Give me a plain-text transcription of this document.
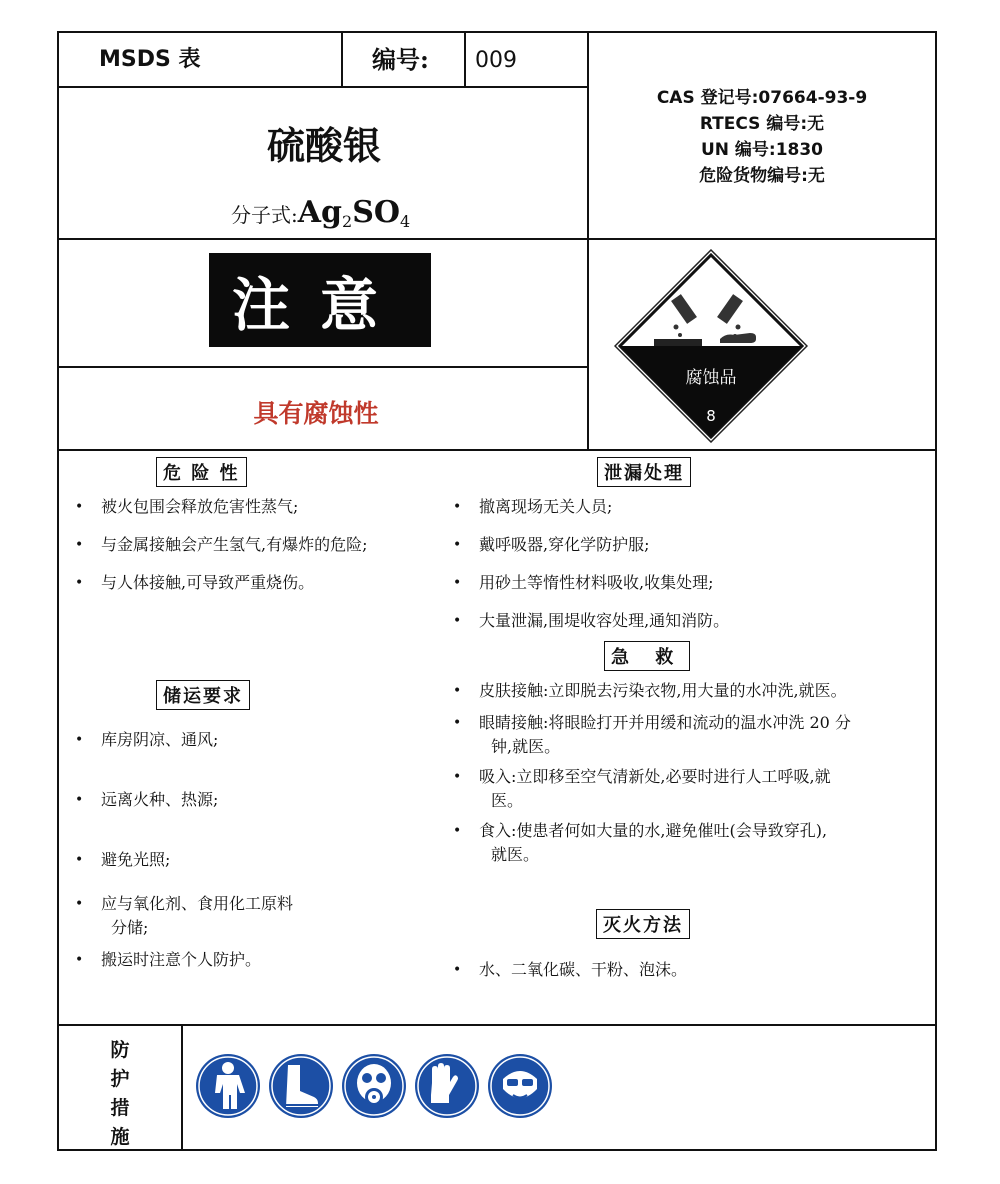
MSDS 表	编号: 009
硫酸银
分子式$:Ag_2SO_4$
CAS 登记号:07664-93-9
RTECS 编号:无
UN 编号:1830
危险货物编号:无
注意
具有腐蚀性
腐蚀品
8
危 险 性
• 被火包围会释放危害性蒸气;
• 与金属接触会产生氢气,有爆炸的危险;
• 与人体接触,可导致严重烧伤。
储运要求
• 库房阴凉、通风;
• 远离火种、热源;
• 避免光照;
• 应与氧化剂、食用化工原料
分储;
• 搬运时注意个人防护。
泄漏处理
• 撤离现场无关人员;
• 戴呼吸器,穿化学防护服;
• 用砂土等惰性材料吸收,收集处理;
• 大量泄漏,围堤收容处理,通知消防。
急 救
• 皮肤接触:立即脱去污染衣物,用大量的水冲洗,就医。
• 眼睛接触:将眼睑打开并用缓和流动的温水冲洗 20 分
钟,就医。
• 吸入:立即移至空气清新处,必要时进行人工呼吸,就
医。
• 食入:使患者何如大量的水,避免催吐(会导致穿孔),
就医。
灭火方法
• 水、二氧化碳、干粉、泡沫。
防
护
措
施
